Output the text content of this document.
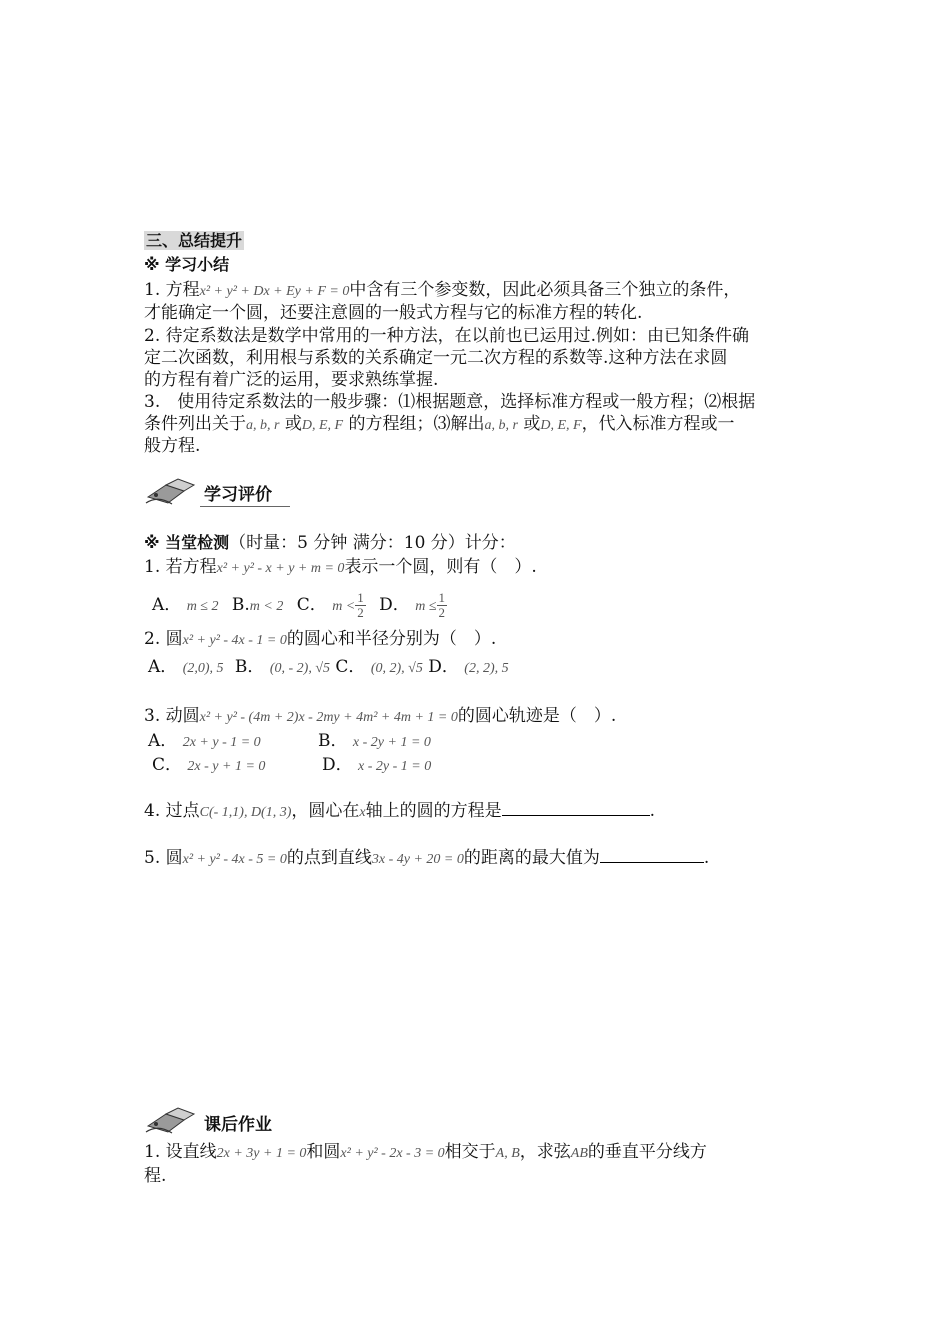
三、总结提升
※ 学习小结
1. 方程x² + y² + Dx + Ey + F = 0中含有三个参变数，因此必须具备三个独立的条件，
才能确定一个圆，还要注意圆的一般式方程与它的标准方程的转化.
2. 待定系数法是数学中常用的一种方法，在以前也已运用过.例如：由已知条件确
定二次函数，利用根与系数的关系确定一元二次方程的系数等.这种方法在求圆
的方程有着广泛的运用，要求熟练掌握.
3.　使用待定系数法的一般步骤：⑴根据题意，选择标准方程或一般方程；⑵根据
条件列出关于a, b, r 或D, E, F 的方程组；⑶解出a, b, r 或D, E, F，代入标准方程或一
般方程.
学习评价
※ 当堂检测（时量：5 分钟 满分：10 分）计分：
1. 若方程x² + y² - x + y + m = 0表示一个圆，则有（　）.
A． m ≤ 2 B.m < 2 C． $m < \frac{1}{2}$ D． $m \le \frac{1}{2}$
2. 圆x² + y² - 4x - 1 = 0的圆心和半径分别为（　）.
A． (2,0), 5 B． (0, - 2), √5 C． (0, 2), √5 D． (2, 2), 5
3. 动圆x² + y² - (4m + 2)x - 2my + 4m² + 4m + 1 = 0的圆心轨迹是（　）.
A． 2x + y - 1 = 0	B． x - 2y + 1 = 0
C． 2x - y + 1 = 0	D． x - 2y - 1 = 0
4. 过点C(- 1,1), D(1, 3)，圆心在x轴上的圆的方程是	.
5. 圆x² + y² - 4x - 5 = 0的点到直线3x - 4y + 20 = 0的距离的最大值为	.
课后作业
1. 设直线2x + 3y + 1 = 0和圆x² + y² - 2x - 3 = 0相交于A, B，求弦AB的垂直平分线方
程.
